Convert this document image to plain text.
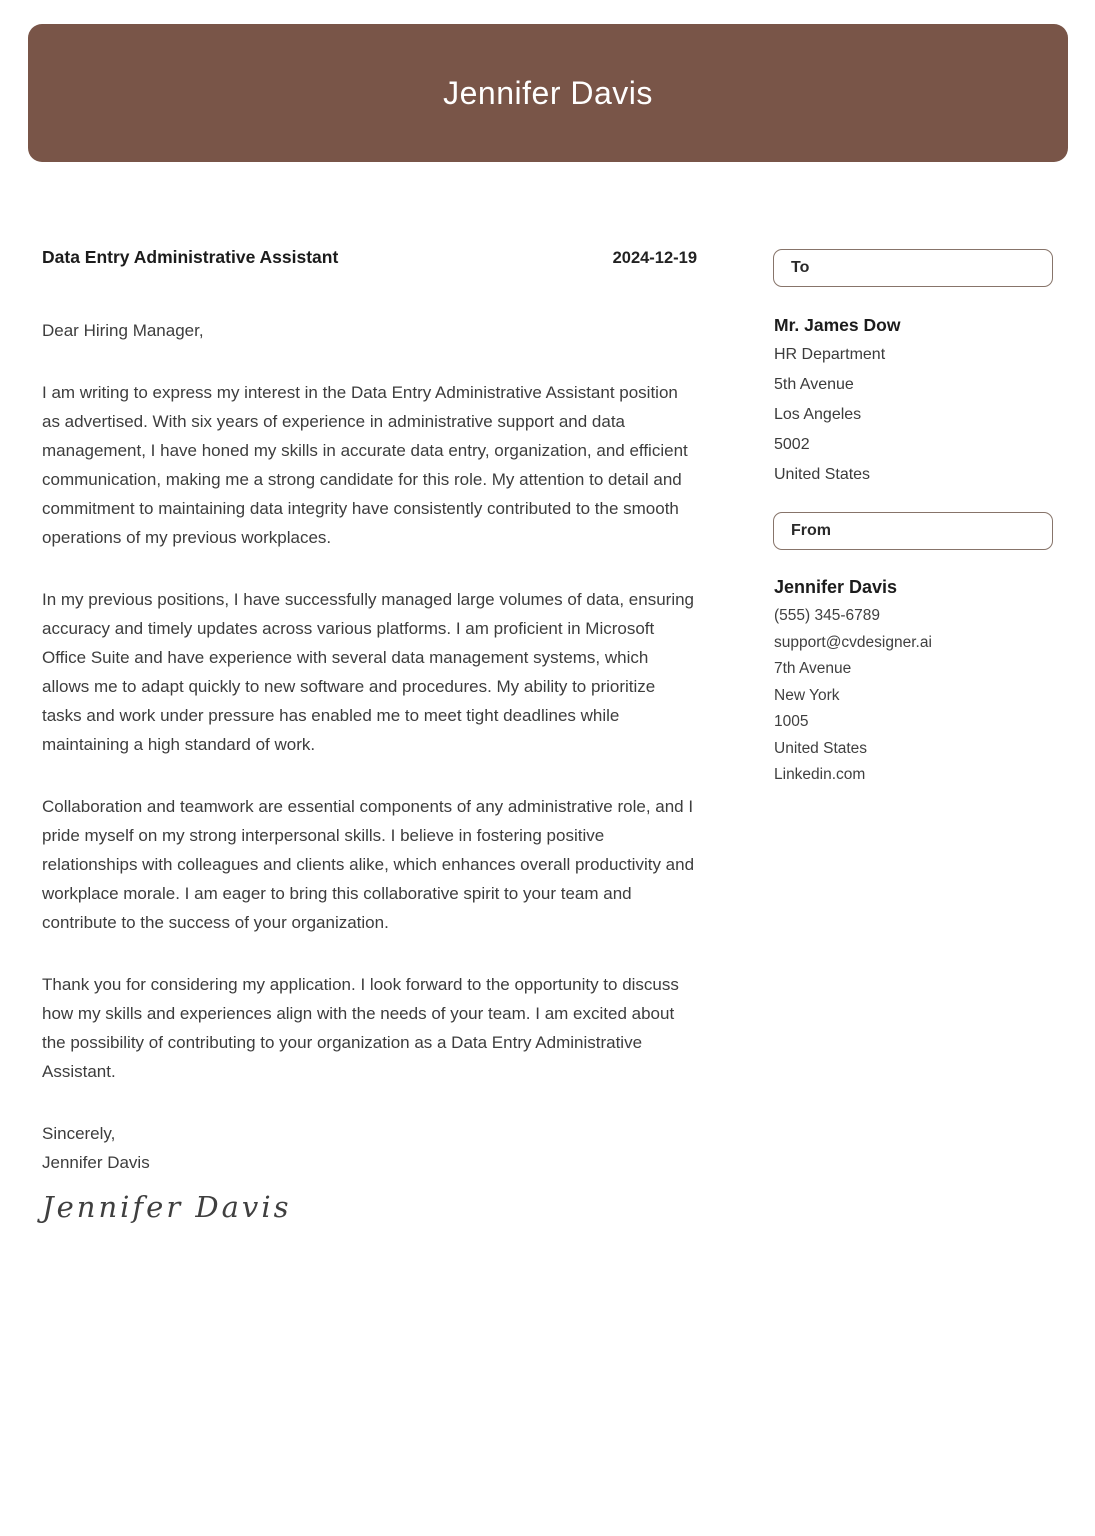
Jennifer Davis
Data Entry Administrative Assistant	2024-12-19

Dear Hiring Manager,

I am writing to express my interest in the Data Entry Administrative Assistant position as advertised. With six years of experience in administrative support and data management, I have honed my skills in accurate data entry, organization, and efficient communication, making me a strong candidate for this role. My attention to detail and commitment to maintaining data integrity have consistently contributed to the smooth operations of my previous workplaces.

In my previous positions, I have successfully managed large volumes of data, ensuring accuracy and timely updates across various platforms. I am proficient in Microsoft Office Suite and have experience with several data management systems, which allows me to adapt quickly to new software and procedures. My ability to prioritize tasks and work under pressure has enabled me to meet tight deadlines while maintaining a high standard of work.

Collaboration and teamwork are essential components of any administrative role, and I pride myself on my strong interpersonal skills. I believe in fostering positive relationships with colleagues and clients alike, which enhances overall productivity and workplace morale. I am eager to bring this collaborative spirit to your team and contribute to the success of your organization.

Thank you for considering my application. I look forward to the opportunity to discuss how my skills and experiences align with the needs of your team. I am excited about the possibility of contributing to your organization as a Data Entry Administrative Assistant.

Sincerely,
Jennifer Davis
Jennifer Davis
To
Mr. James Dow
HR Department
5th Avenue
Los Angeles
5002
United States
From
Jennifer Davis
(555) 345-6789
support@cvdesigner.ai
7th Avenue
New York
1005
United States
Linkedin.com
